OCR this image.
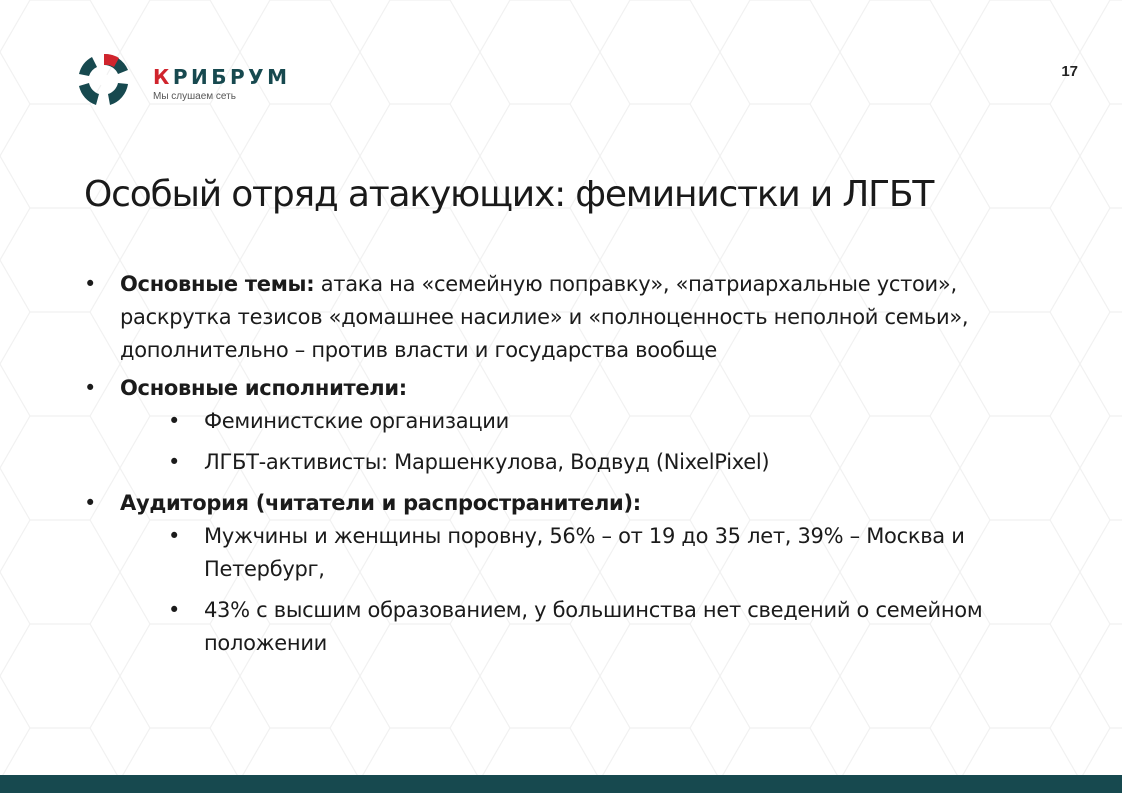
КРИБРУМ
Мы слушаем сеть
17
Особый отряд атакующих: феминистки и ЛГБТ
• Основные темы: атака на «семейную поправку», «патриархальные устои», раскрутка тезисов «домашнее насилие» и «полноценность неполной семьи», дополнительно – против власти и государства вообще
• Основные исполнители:
• Феминистские организации
• ЛГБТ-активисты: Маршенкулова, Водвуд (NixelPixel)
• Аудитория (читатели и распространители):
• Мужчины и женщины поровну, 56% – от 19 до 35 лет, 39% – Москва и Петербург,
• 43% с высшим образованием, у большинства нет сведений о семейном положении
